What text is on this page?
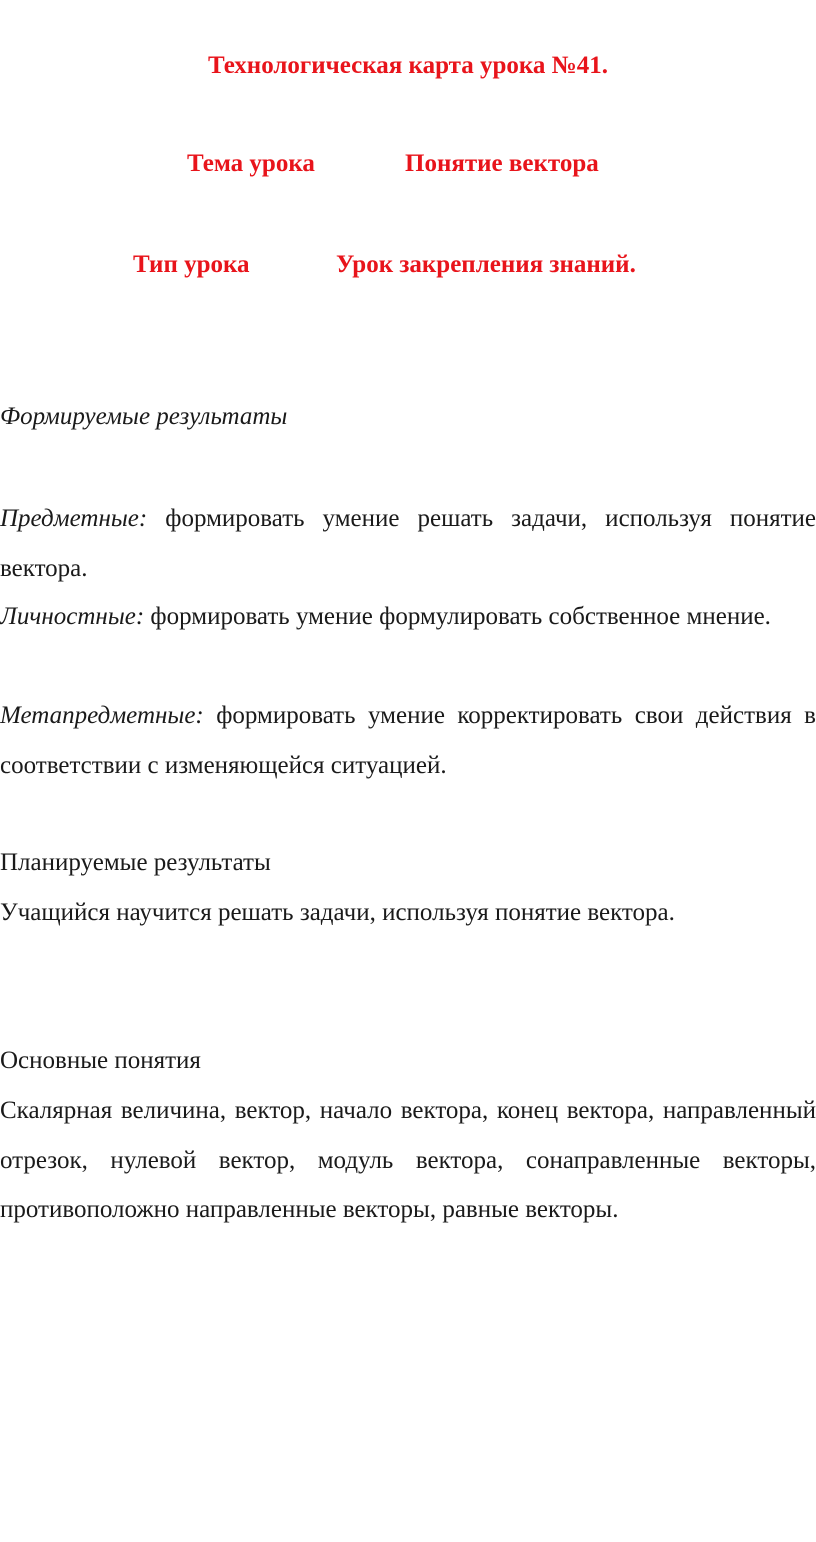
Технологическая карта урока №41.
Тема урока	Понятие вектора
Тип урока	Урок закрепления знаний.
Формируемые результаты
Предметные: формировать умение решать задачи, используя понятие вектора.
Личностные: формировать умение формулировать собственное мнение.
Метапредметные: формировать умение корректировать свои действия в соответствии с изменяющейся ситуацией.
Планируемые результаты
Учащийся научится решать задачи, используя понятие вектора.
Основные понятия
Скалярная величина, вектор, начало вектора, конец вектора, направленный отрезок, нулевой вектор, модуль вектора, сонаправленные векторы, противоположно направленные векторы, равные векторы.
